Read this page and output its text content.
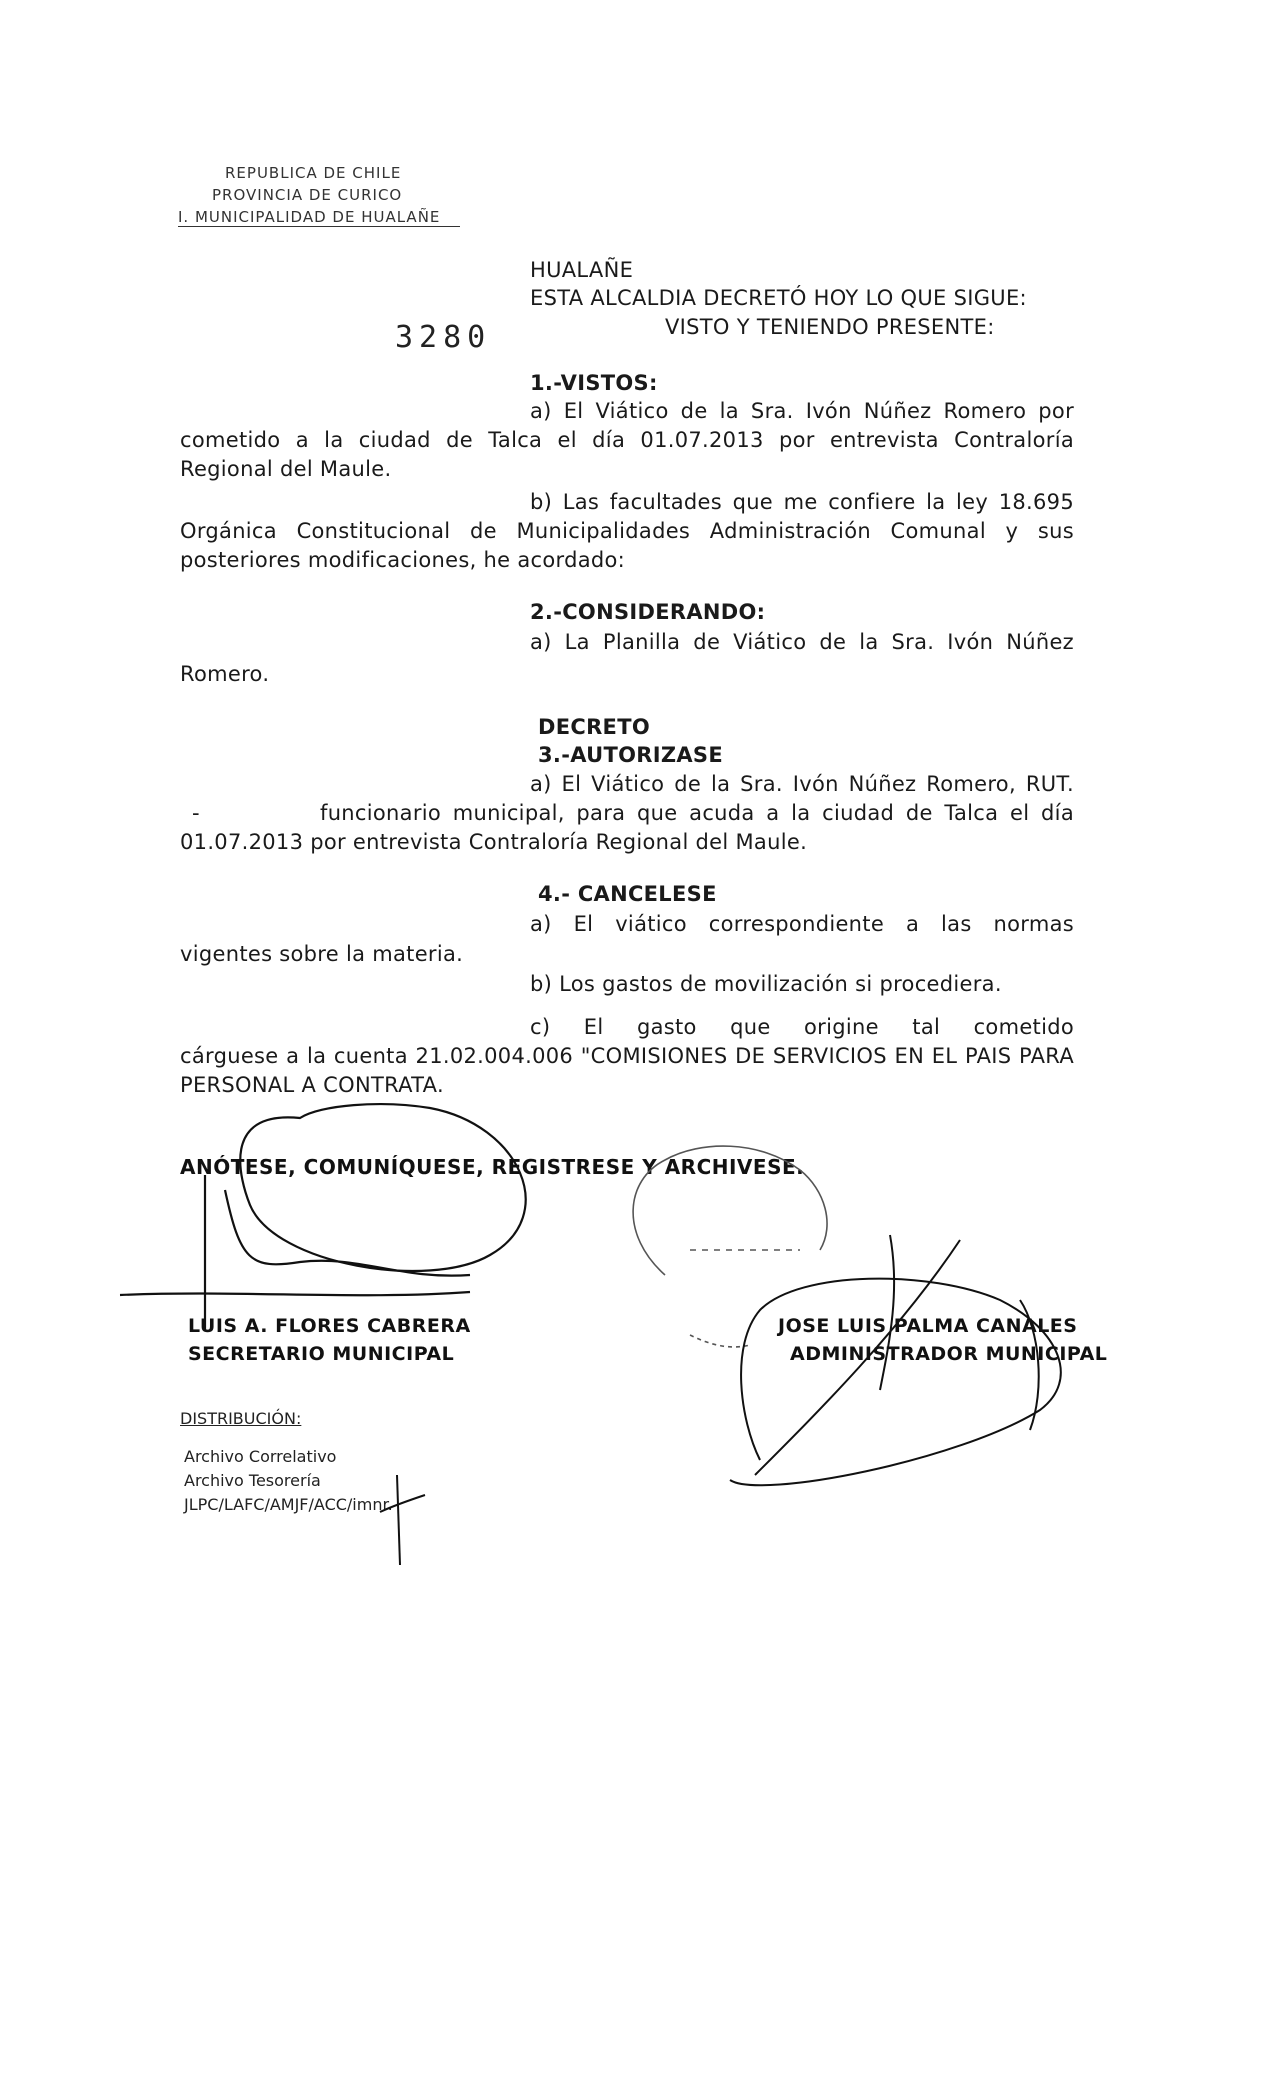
REPUBLICA DE CHILE
PROVINCIA DE CURICO
I. MUNICIPALIDAD DE HUALAÑE
3280
HUALAÑE
ESTA ALCALDIA DECRETÓ HOY LO QUE SIGUE:
VISTO Y TENIENDO PRESENTE:
1.-VISTOS:
a) El Viático de la Sra. Ivón Núñez Romero por
cometido a la ciudad de Talca el día 01.07.2013 por entrevista Contraloría
Regional del Maule.
b) Las facultades que me confiere la ley 18.695
Orgánica Constitucional de Municipalidades Administración Comunal y sus
posteriores modificaciones, he acordado:
2.-CONSIDERANDO:
a) La Planilla de Viático de la Sra. Ivón Núñez
Romero.
DECRETO
3.-AUTORIZASE
a) El Viático de la Sra. Ivón Núñez Romero, RUT.
-	funcionario municipal, para que acuda a la ciudad de Talca el día
01.07.2013 por entrevista Contraloría Regional del Maule.
4.- CANCELESE
a) El viático correspondiente a las normas
vigentes sobre la materia.
b) Los gastos de movilización si procediera.
c) El gasto que origine tal cometido
cárguese a la cuenta 21.02.004.006 "COMISIONES DE SERVICIOS EN EL PAIS PARA
PERSONAL A CONTRATA.
ANÓTESE, COMUNÍQUESE, REGISTRESE Y ARCHIVESE.
LUIS A. FLORES CABRERA
SECRETARIO MUNICIPAL
JOSE LUIS PALMA CANALES
ADMINISTRADOR MUNICIPAL
DISTRIBUCIÓN:
Archivo Correlativo
Archivo Tesorería
JLPC/LAFC/AMJF/ACC/imnr.
